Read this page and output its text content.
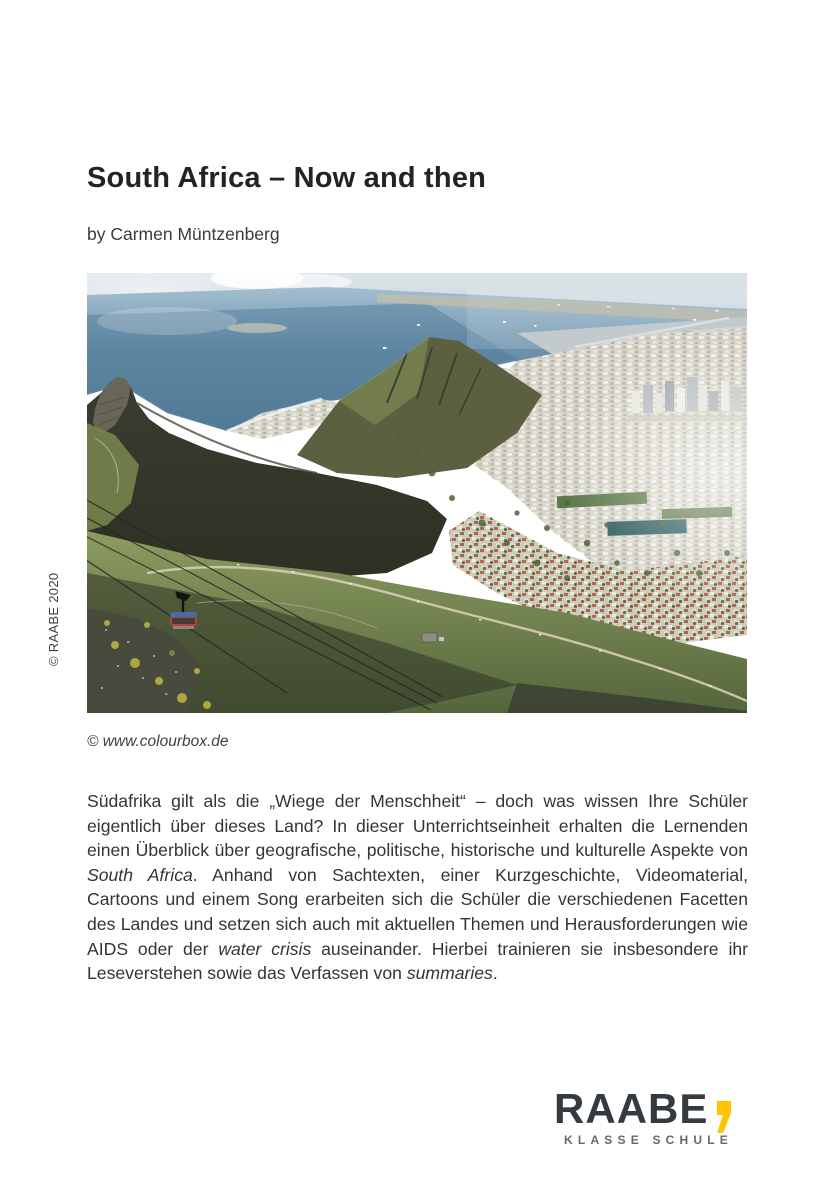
© RAABE 2020
South Africa – Now and then
by Carmen Müntzenberg
© www.colourbox.de

Südafrika gilt als die „Wiege der Menschheit“ – doch was wissen Ihre Schüler eigentlich über dieses Land? In dieser Unterrichtseinheit erhalten die Lernenden einen Überblick über geografische, politische, historische und kulturelle Aspekte von South Africa. Anhand von Sachtexten, einer Kurzgeschichte, Videomaterial, Cartoons und einem Song erarbeiten sich die Schüler die verschiedenen Facetten des Landes und setzen sich auch mit aktuellen Themen und Herausforderungen wie AIDS oder der water crisis auseinander. Hierbei trainieren sie insbesondere ihr Leseverstehen sowie das Verfassen von summaries.

RAABE
KLASSE SCHULE
